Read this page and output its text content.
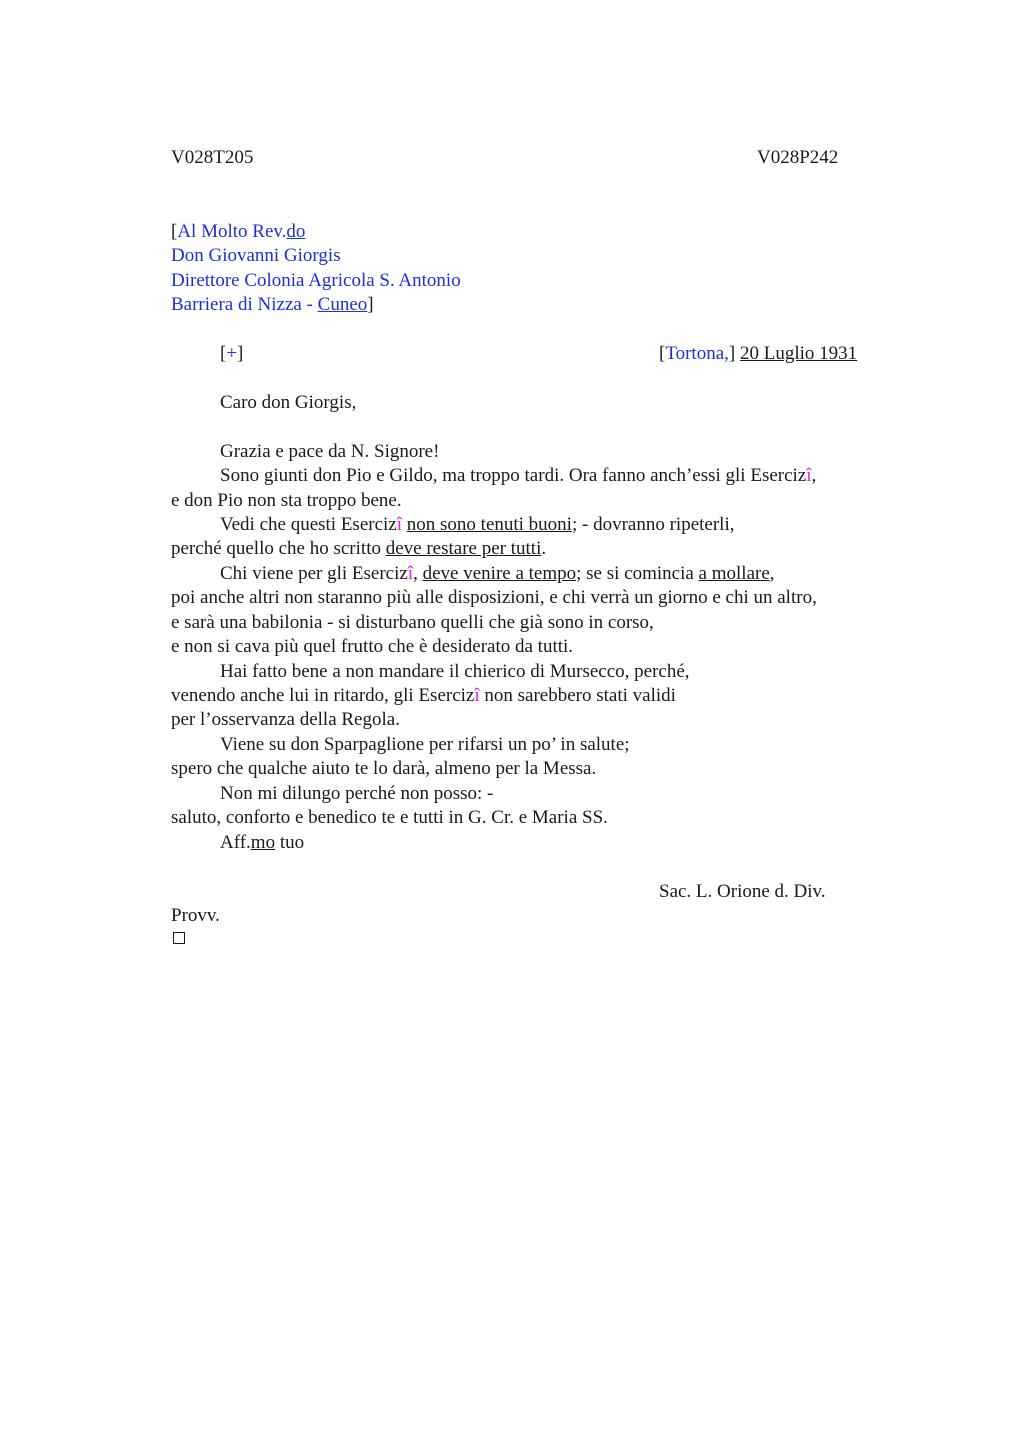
V028T205	V028P242
[Al Molto Rev.do
Don Giovanni Giorgis
Direttore Colonia Agricola S. Antonio
Barriera di Nizza - Cuneo]
[+]	[Tortona,] 20 Luglio 1931
Caro don Giorgis,
Grazia e pace da N. Signore!
Sono giunti don Pio e Gildo, ma troppo tardi. Ora fanno anch’essi gli Esercizî,
e don Pio non sta troppo bene.
Vedi che questi Esercizî non sono tenuti buoni; - dovranno ripeterli,
perché quello che ho scritto deve restare per tutti.
Chi viene per gli Esercizî, deve venire a tempo; se si comincia a mollare,
poi anche altri non staranno più alle disposizioni, e chi verrà un giorno e chi un altro,
e sarà una babilonia - si disturbano quelli che già sono in corso,
e non si cava più quel frutto che è desiderato da tutti.
Hai fatto bene a non mandare il chierico di Mursecco, perché,
venendo anche lui in ritardo, gli Esercizî non sarebbero stati validi
per l’osservanza della Regola.
Viene su don Sparpaglione per rifarsi un po’ in salute;
spero che qualche aiuto te lo darà, almeno per la Messa.
Non mi dilungo perché non posso: -
saluto, conforto e benedico te e tutti in G. Cr. e Maria SS.
Aff.mo tuo
Sac. L. Orione d. Div.
Provv.
